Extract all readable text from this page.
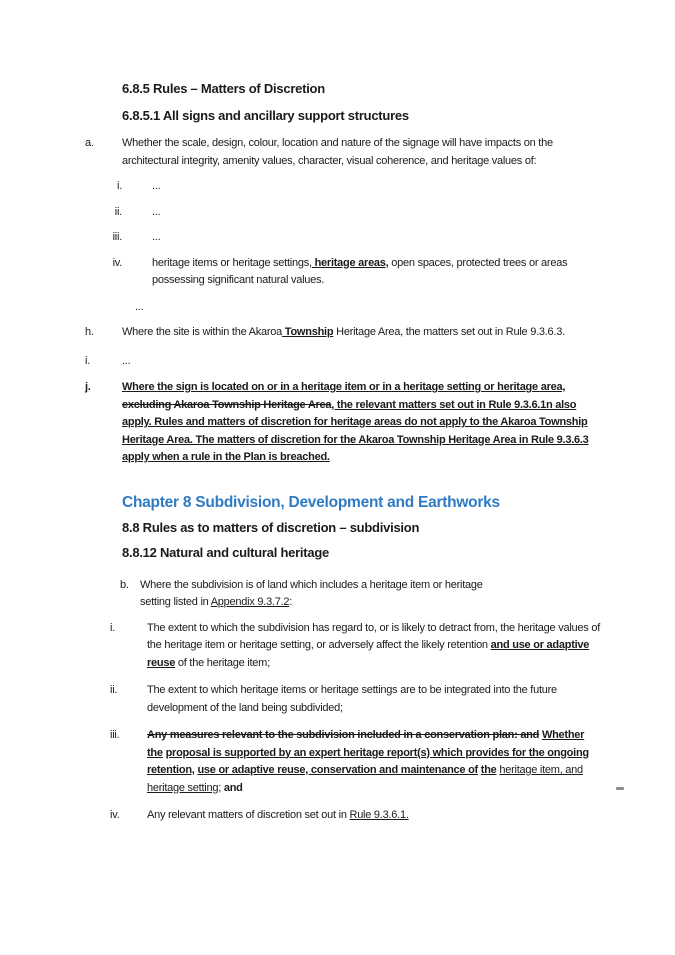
6.8.5 Rules – Matters of Discretion
6.8.5.1 All signs and ancillary support structures
a.	Whether the scale, design, colour, location and nature of the signage will have impacts on the architectural integrity, amenity values, character, visual coherence, and heritage values of:
i.	...
ii.	...
iii.	...
iv.	heritage items or heritage settings, heritage areas, open spaces, protected trees or areas possessing significant natural values.
...
h.	Where the site is within the Akaroa Township Heritage Area, the matters set out in Rule 9.3.6.3.
i.	...
j.	Where the sign is located on or in a heritage item or in a heritage setting or heritage area, excluding Akaroa Township Heritage Area, the relevant matters set out in Rule 9.3.6.1n also apply. Rules and matters of discretion for heritage areas do not apply to the Akaroa Township Heritage Area. The matters of discretion for the Akaroa Township Heritage Area in Rule 9.3.6.3 apply when a rule in the Plan is breached.
Chapter 8 Subdivision, Development and Earthworks
8.8 Rules as to matters of discretion – subdivision
8.8.12 Natural and cultural heritage
b.	Where the subdivision is of land which includes a heritage item or heritage
setting listed in Appendix 9.3.7.2:
i.	The extent to which the subdivision has regard to, or is likely to detract from, the heritage values of the heritage item or heritage setting, or adversely affect the likely retention and use or adaptive reuse of the heritage item;
ii.	The extent to which heritage items or heritage settings are to be integrated into the future development of the land being subdivided;
iii.	Any measures relevant to the subdivision included in a conservation plan: and Whether the proposal is supported by an expert heritage report(s) which provides for the ongoing retention, use or adaptive reuse, conservation and maintenance of the heritage item, and heritage setting; and
iv.	Any relevant matters of discretion set out in Rule 9.3.6.1.
